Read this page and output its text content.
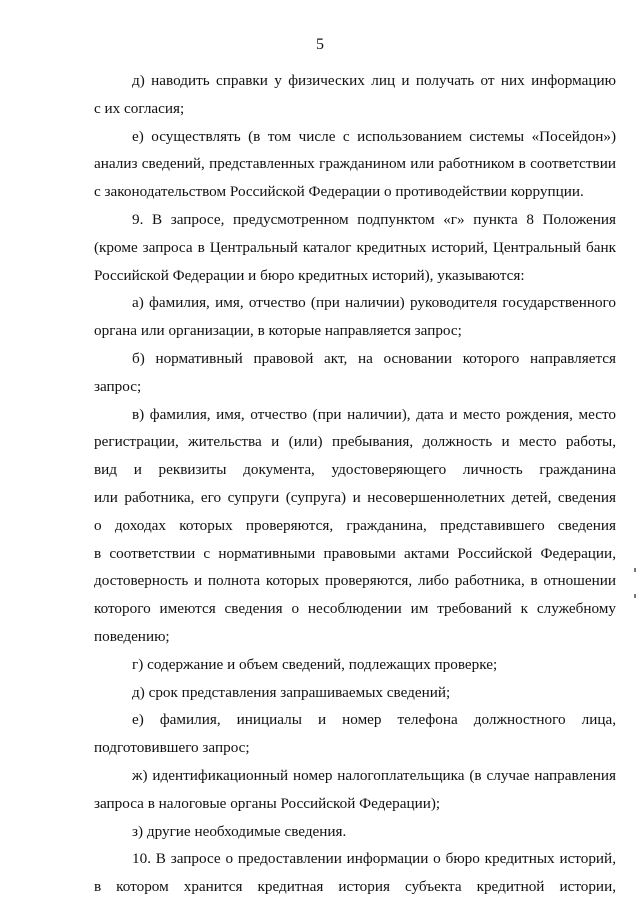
5
д) наводить справки у физических лиц и получать от них информацию
с их согласия;
е) осуществлять (в том числе с использованием системы «Посейдон»)
анализ сведений, представленных гражданином или работником в соответствии
с законодательством Российской Федерации о противодействии коррупции.
9. В запросе, предусмотренном подпунктом «г» пункта 8 Положения
(кроме запроса в Центральный каталог кредитных историй, Центральный банк
Российской Федерации и бюро кредитных историй), указываются:
а) фамилия, имя, отчество (при наличии) руководителя государственного
органа или организации, в которые направляется запрос;
б) нормативный правовой акт, на основании которого направляется
запрос;
в) фамилия, имя, отчество (при наличии), дата и место рождения, место
регистрации, жительства и (или) пребывания, должность и место работы,
вид и реквизиты документа, удостоверяющего личность гражданина
или работника, его супруги (супруга) и несовершеннолетних детей, сведения
о доходах которых проверяются, гражданина, представившего сведения
в соответствии с нормативными правовыми актами Российской Федерации,
достоверность и полнота которых проверяются, либо работника, в отношении
которого имеются сведения о несоблюдении им требований к служебному
поведению;
г) содержание и объем сведений, подлежащих проверке;
д) срок представления запрашиваемых сведений;
е) фамилия, инициалы и номер телефона должностного лица,
подготовившего запрос;
ж) идентификационный номер налогоплательщика (в случае направления
запроса в налоговые органы Российской Федерации);
з) другие необходимые сведения.
10. В запросе о предоставлении информации о бюро кредитных историй,
в котором хранится кредитная история субъекта кредитной истории,
